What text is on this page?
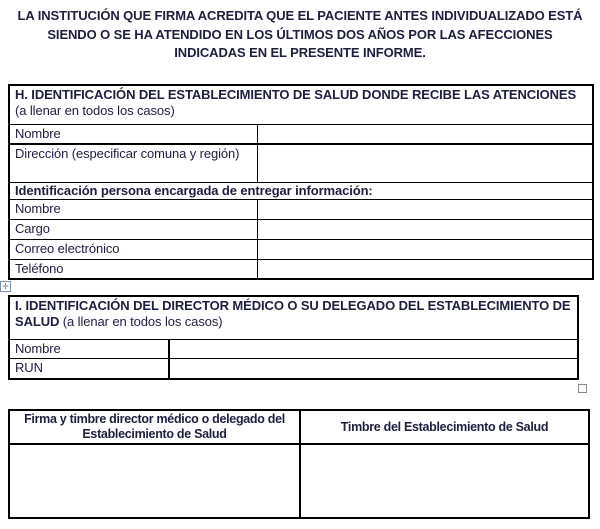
LA INSTITUCIÓN QUE FIRMA ACREDITA QUE EL PACIENTE ANTES INDIVIDUALIZADO ESTÁ
SIENDO O SE HA ATENDIDO EN LOS ÚLTIMOS DOS AÑOS POR LAS AFECCIONES
INDICADAS EN EL PRESENTE INFORME.
H. IDENTIFICACIÓN DEL ESTABLECIMIENTO DE SALUD DONDE RECIBE LAS ATENCIONES (a llenar en todos los casos)	
Nombre	
Dirección (especificar comuna y región)	
Identificación persona encargada de entregar información:	
Nombre	
Cargo	
Correo electrónico	
Teléfono	
✛
I. IDENTIFICACIÓN DEL DIRECTOR MÉDICO O SU DELEGADO DEL ESTABLECIMIENTO DE SALUD (a llenar en todos los casos)	
Nombre	
RUN	
Firma y timbre director médico o delegado del Establecimiento de Salud	Timbre del Establecimiento de Salud
